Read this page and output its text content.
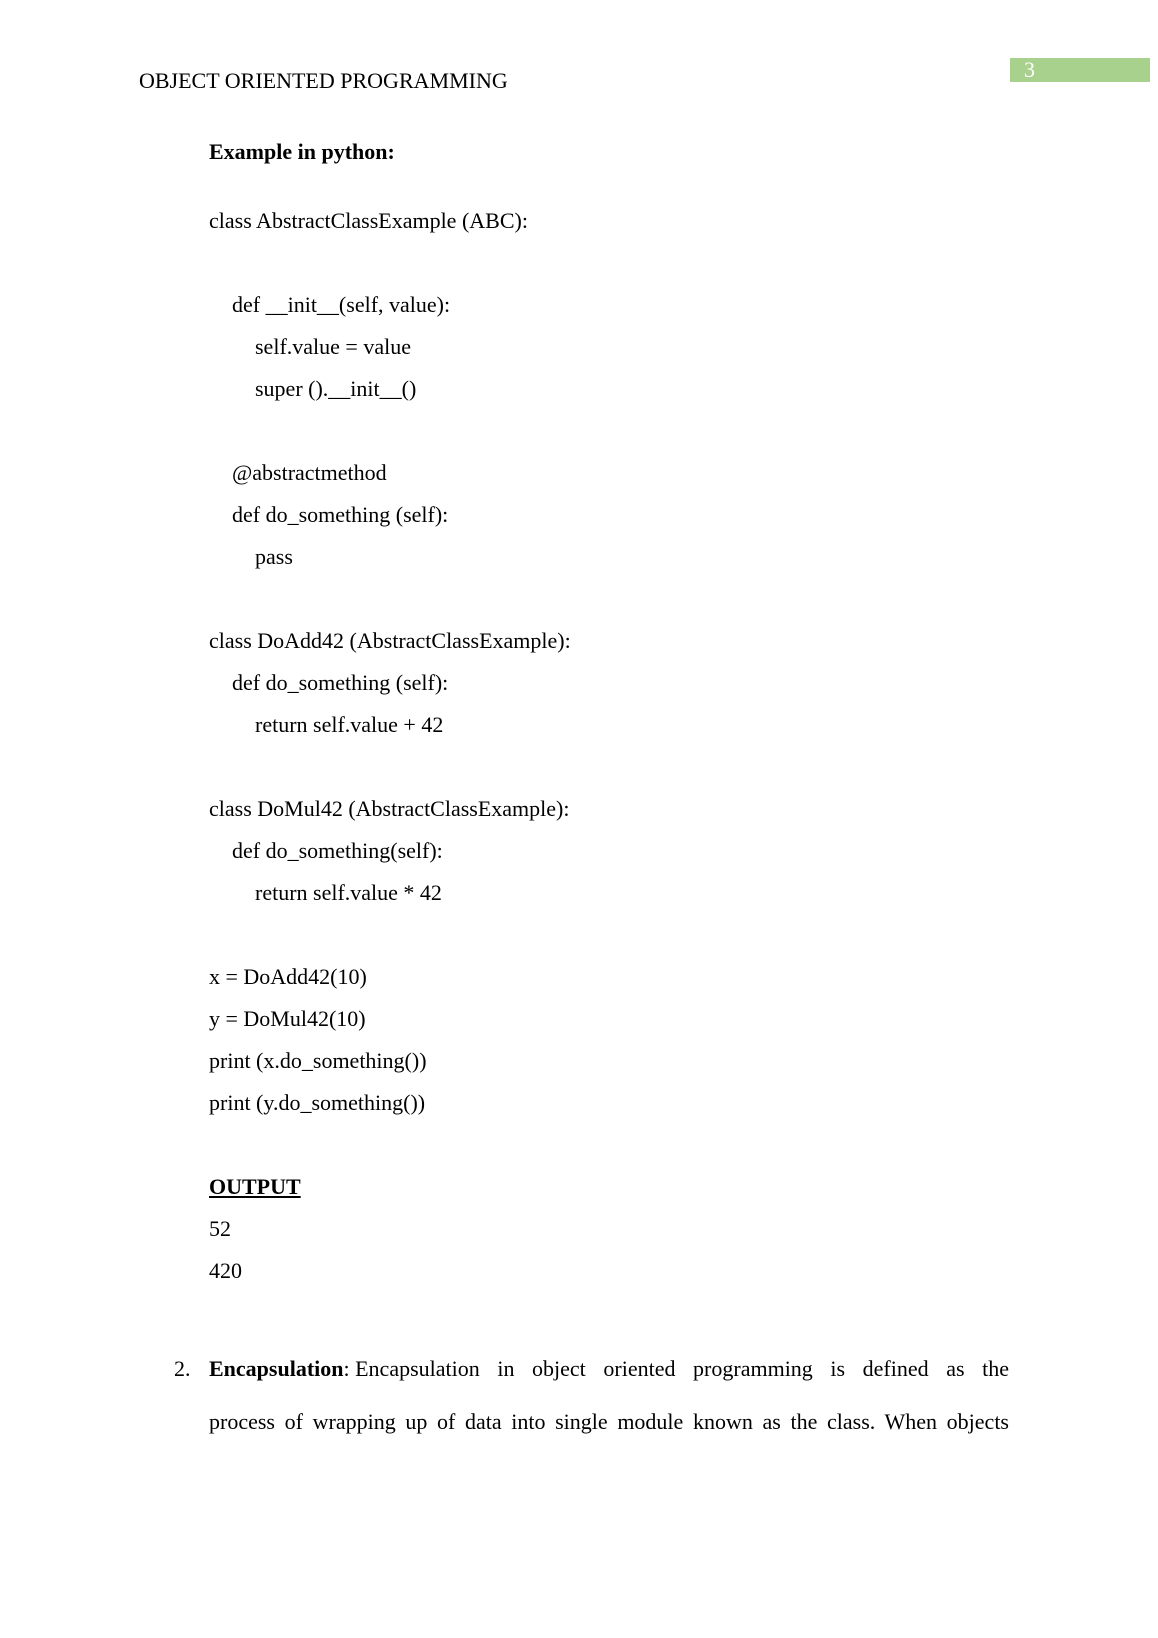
3
OBJECT ORIENTED PROGRAMMING
Example in python:
class AbstractClassExample (ABC):
def __init__(self, value):
self.value = value
super ().__init__()
@abstractmethod
def do_something (self):
pass
class DoAdd42 (AbstractClassExample):
def do_something (self):
return self.value + 42
class DoMul42 (AbstractClassExample):
def do_something(self):
return self.value * 42
x = DoAdd42(10)
y = DoMul42(10)
print (x.do_something())
print (y.do_something())
OUTPUT
52
420
2. Encapsulation: Encapsulation in object oriented programming is defined as the
process of wrapping up of data into single module known as the class. When objects
